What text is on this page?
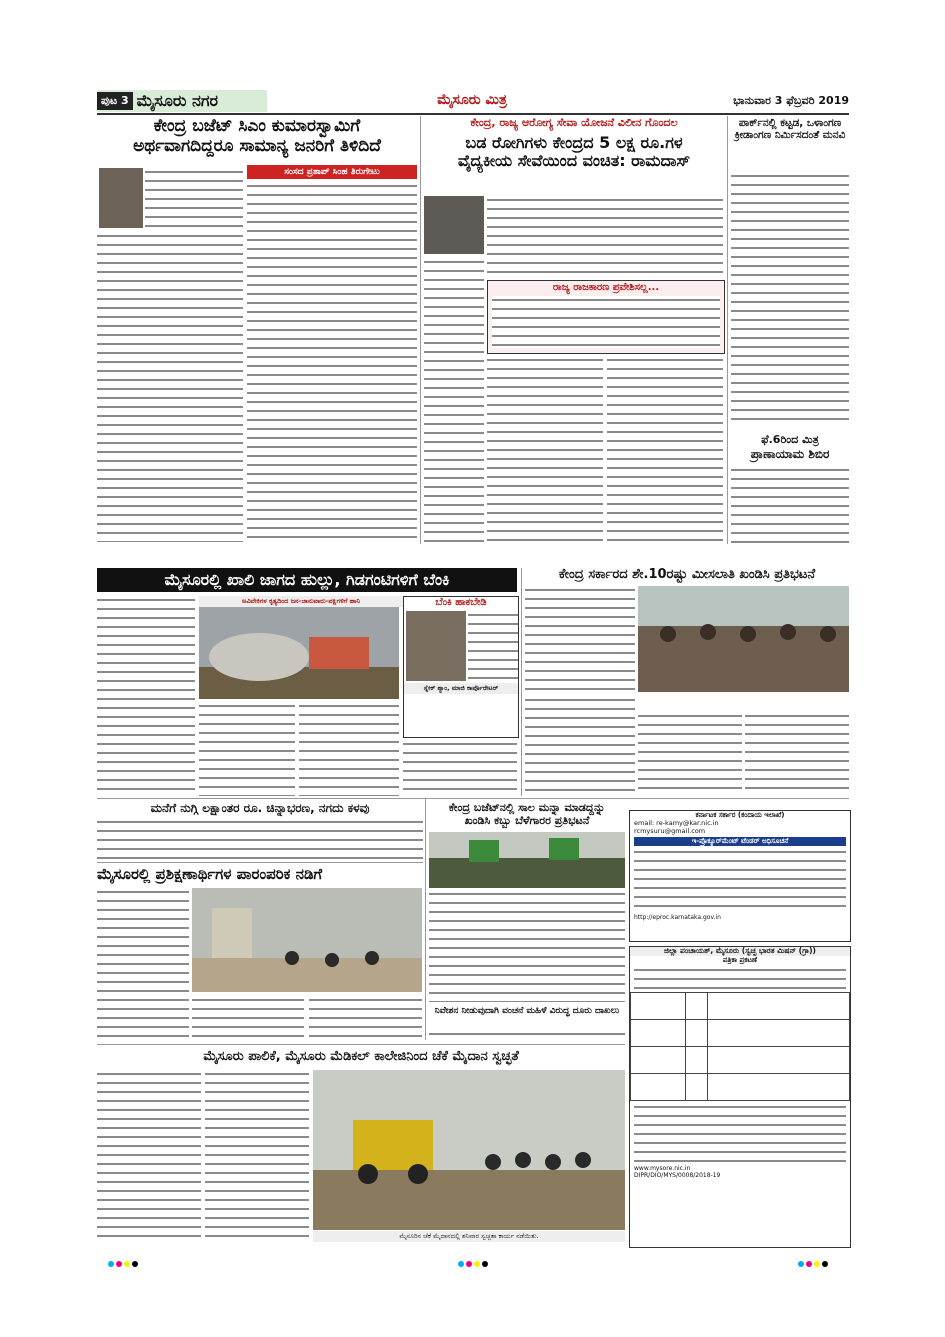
ಪುಟ 3 ಮೈಸೂರು ನಗರ	ಮೈಸೂರು ಮಿತ್ರ	ಭಾನುವಾರ 3 ಫೆಬ್ರವರಿ 2019
ಕೇಂದ್ರ ಬಜೆಟ್ ಸಿಎಂ ಕುಮಾರಸ್ವಾಮಿಗೆ
ಅರ್ಥವಾಗದಿದ್ದರೂ ಸಾಮಾನ್ಯ ಜನರಿಗೆ ತಿಳಿದಿದೆ
ಸಂಸದ ಪ್ರತಾಪ್ ಸಿಂಹ ತಿರುಗೇಟು
ಕೇಂದ್ರ, ರಾಜ್ಯ ಆರೋಗ್ಯ ಸೇವಾ ಯೋಜನೆ ವಿಲೀನ ಗೊಂದಲ
ಬಡ ರೋಗಿಗಳು ಕೇಂದ್ರದ 5 ಲಕ್ಷ ರೂ.ಗಳ
ವೈದ್ಯಕೀಯ ಸೇವೆಯಿಂದ ವಂಚಿತ: ರಾಮದಾಸ್
ರಾಜ್ಯ ರಾಜಕಾರಣ ಪ್ರವೇಶಿಸಲ್ಲ...
ಪಾರ್ಕ್‌ನಲ್ಲಿ ಕಟ್ಟಡ, ಒಳಾಂಗಣ ಕ್ರೀಡಾಂಗಣ ನಿರ್ಮಿಸದಂತೆ ಮನವಿ
ಫೆ.6ರಿಂದ ಮಿತ್ರ
ಪ್ರಾಣಾಯಾಮ ಶಿಬಿರ
ಮೈಸೂರಲ್ಲಿ ಖಾಲಿ ಜಾಗದ ಹುಲ್ಲು, ಗಿಡಗಂಟಿಗಳಿಗೆ ಬೆಂಕಿ
ಅವಿವೇಕಿಗಳ ಕೃತ್ಯದಿಂದ ಜನ-ಜಾನುವಾರು-ಪಕ್ಷಿಗಳಿಗೆ ಹಾನಿ	ಬೆಂಕಿ ಹಾಕಬೇಡಿ
ಸ್ನೇಕ್ ಶ್ಯಾಂ, ಮಾಜಿ ಕಾರ್ಪೊರೇಟರ್
ಕೇಂದ್ರ ಸರ್ಕಾರದ ಶೇ.10ರಷ್ಟು ಮೀಸಲಾತಿ ಖಂಡಿಸಿ ಪ್ರತಿಭಟನೆ
ಮನೆಗೆ ನುಗ್ಗಿ ಲಕ್ಷಾಂತರ ರೂ. ಚಿನ್ನಾಭರಣ, ನಗದು ಕಳವು
ಮೈಸೂರಲ್ಲಿ ಪ್ರಶಿಕ್ಷಣಾರ್ಥಿಗಳ ಪಾರಂಪರಿಕ ನಡಿಗೆ
ಕೇಂದ್ರ ಬಜೆಟ್‌ನಲ್ಲಿ ಸಾಲ ಮನ್ನಾ ಮಾಡದ್ದನ್ನು
ಖಂಡಿಸಿ ಕಬ್ಬು ಬೆಳೆಗಾರರ ಪ್ರತಿಭಟನೆ
ನಿವೇಶನ ನೀಡುವುದಾಗಿ ವಂಚನೆ ಮಹಿಳೆ ವಿರುದ್ಧ ದೂರು ದಾಖಲು
ಕರ್ನಾಟಕ ಸರ್ಕಾರ (ಕಂದಾಯ ಇಲಾಖೆ)
email: re-kamy@kar.nic.in
rcmysuru@gmail.com
ಇ-ಪ್ರೊಕ್ಯೂರ್‌ಮೆಂಟ್ ಟೆಂಡರ್ ಅಧಿಸೂಚನೆ
http://eproc.karnataka.gov.in
ಜಿಲ್ಲಾ ಪಂಚಾಯತ್, ಮೈಸೂರು (ಸ್ವಚ್ಛ ಭಾರತ ಮಿಷನ್ (ಗ್ರಾ))
ಪತ್ರಿಕಾ ಪ್ರಕಟಣೆ

www.mysore.nic.in
DIPR/DIO/MYS/0008/2018-19
ಮೈಸೂರು ಪಾಲಿಕೆ, ಮೈಸೂರು ಮೆಡಿಕಲ್ ಕಾಲೇಜಿನಿಂದ ಚೆಕೆ ಮೈದಾನ ಸ್ವಚ್ಛತೆ
ಮೈಸೂರಿನ ಚೆಕೆ ಮೈದಾನದಲ್ಲಿ ಶನಿವಾರ ಸ್ವಚ್ಛತಾ ಕಾರ್ಯ ನಡೆಯಿತು.
